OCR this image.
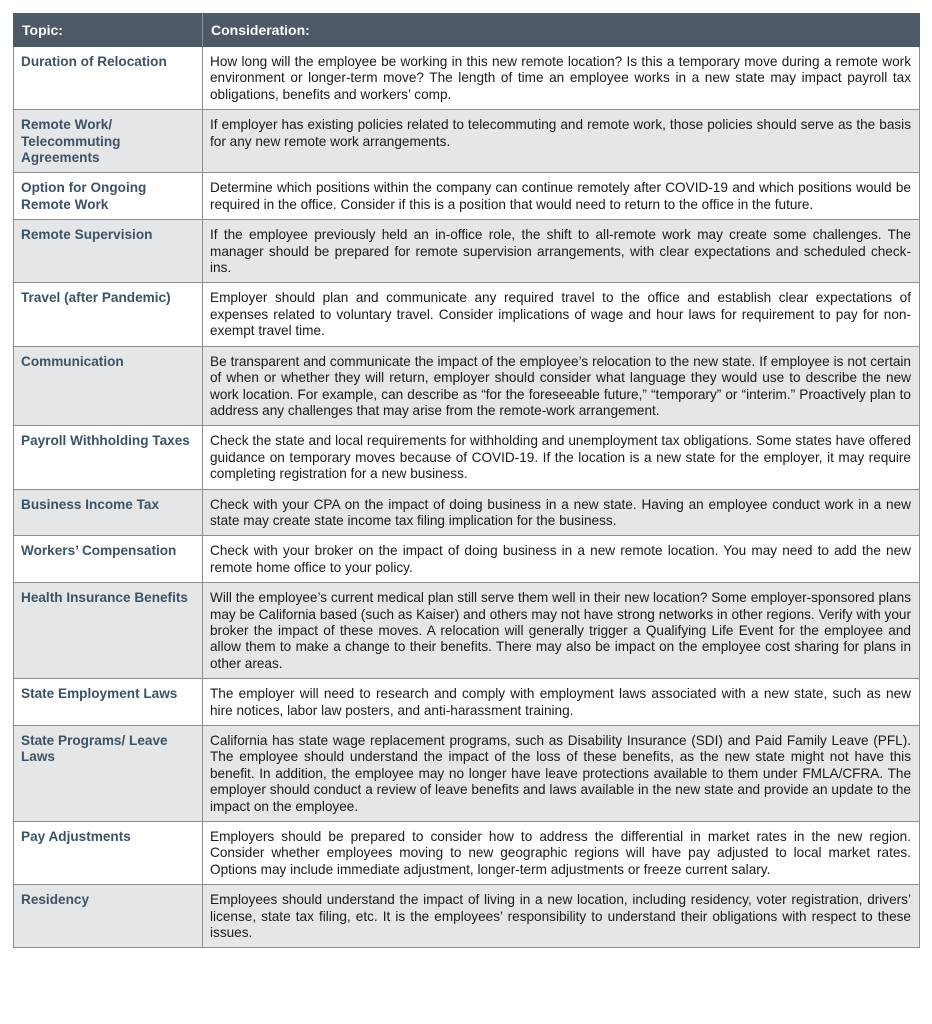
Topic:	Consideration:
Duration of Relocation	How long will the employee be working in this new remote location? Is this a temporary move during a remote work environment or longer-term move? The length of time an employee works in a new state may impact payroll tax obligations, benefits and workers’ comp.
Remote Work/ Telecommuting Agreements	If employer has existing policies related to telecommuting and remote work, those policies should serve as the basis for any new remote work arrangements.
Option for Ongoing Remote Work	Determine which positions within the company can continue remotely after COVID-19 and which positions would be required in the office. Consider if this is a position that would need to return to the office in the future.
Remote Supervision	If the employee previously held an in-office role, the shift to all-remote work may create some challenges. The manager should be prepared for remote supervision arrangements, with clear expectations and scheduled check-ins.
Travel (after Pandemic)	Employer should plan and communicate any required travel to the office and establish clear expectations of expenses related to voluntary travel. Consider implications of wage and hour laws for requirement to pay for non-exempt travel time.
Communication	Be transparent and communicate the impact of the employee’s relocation to the new state. If employee is not certain of when or whether they will return, employer should consider what language they would use to describe the new work location. For example, can describe as “for the foreseeable future,” “temporary” or “interim.” Proactively plan to address any challenges that may arise from the remote-work arrangement.
Payroll Withholding Taxes	Check the state and local requirements for withholding and unemployment tax obligations. Some states have offered guidance on temporary moves because of COVID-19. If the location is a new state for the employer, it may require completing registration for a new business.
Business Income Tax	Check with your CPA on the impact of doing business in a new state. Having an employee conduct work in a new state may create state income tax filing implication for the business.
Workers’ Compensation	Check with your broker on the impact of doing business in a new remote location. You may need to add the new remote home office to your policy.
Health Insurance Benefits	Will the employee’s current medical plan still serve them well in their new location? Some employer-sponsored plans may be California based (such as Kaiser) and others may not have strong networks in other regions. Verify with your broker the impact of these moves. A relocation will generally trigger a Qualifying Life Event for the employee and allow them to make a change to their benefits. There may also be impact on the employee cost sharing for plans in other areas.
State Employment Laws	The employer will need to research and comply with employment laws associated with a new state, such as new hire notices, labor law posters, and anti-harassment training.
State Programs/ Leave Laws	California has state wage replacement programs, such as Disability Insurance (SDI) and Paid Family Leave (PFL). The employee should understand the impact of the loss of these benefits, as the new state might not have this benefit. In addition, the employee may no longer have leave protections available to them under FMLA/CFRA. The employer should conduct a review of leave benefits and laws available in the new state and provide an update to the impact on the employee.
Pay Adjustments	Employers should be prepared to consider how to address the differential in market rates in the new region. Consider whether employees moving to new geographic regions will have pay adjusted to local market rates. Options may include immediate adjustment, longer-term adjustments or freeze current salary.
Residency	Employees should understand the impact of living in a new location, including residency, voter registration, drivers’ license, state tax filing, etc. It is the employees’ responsibility to understand their obligations with respect to these issues.
